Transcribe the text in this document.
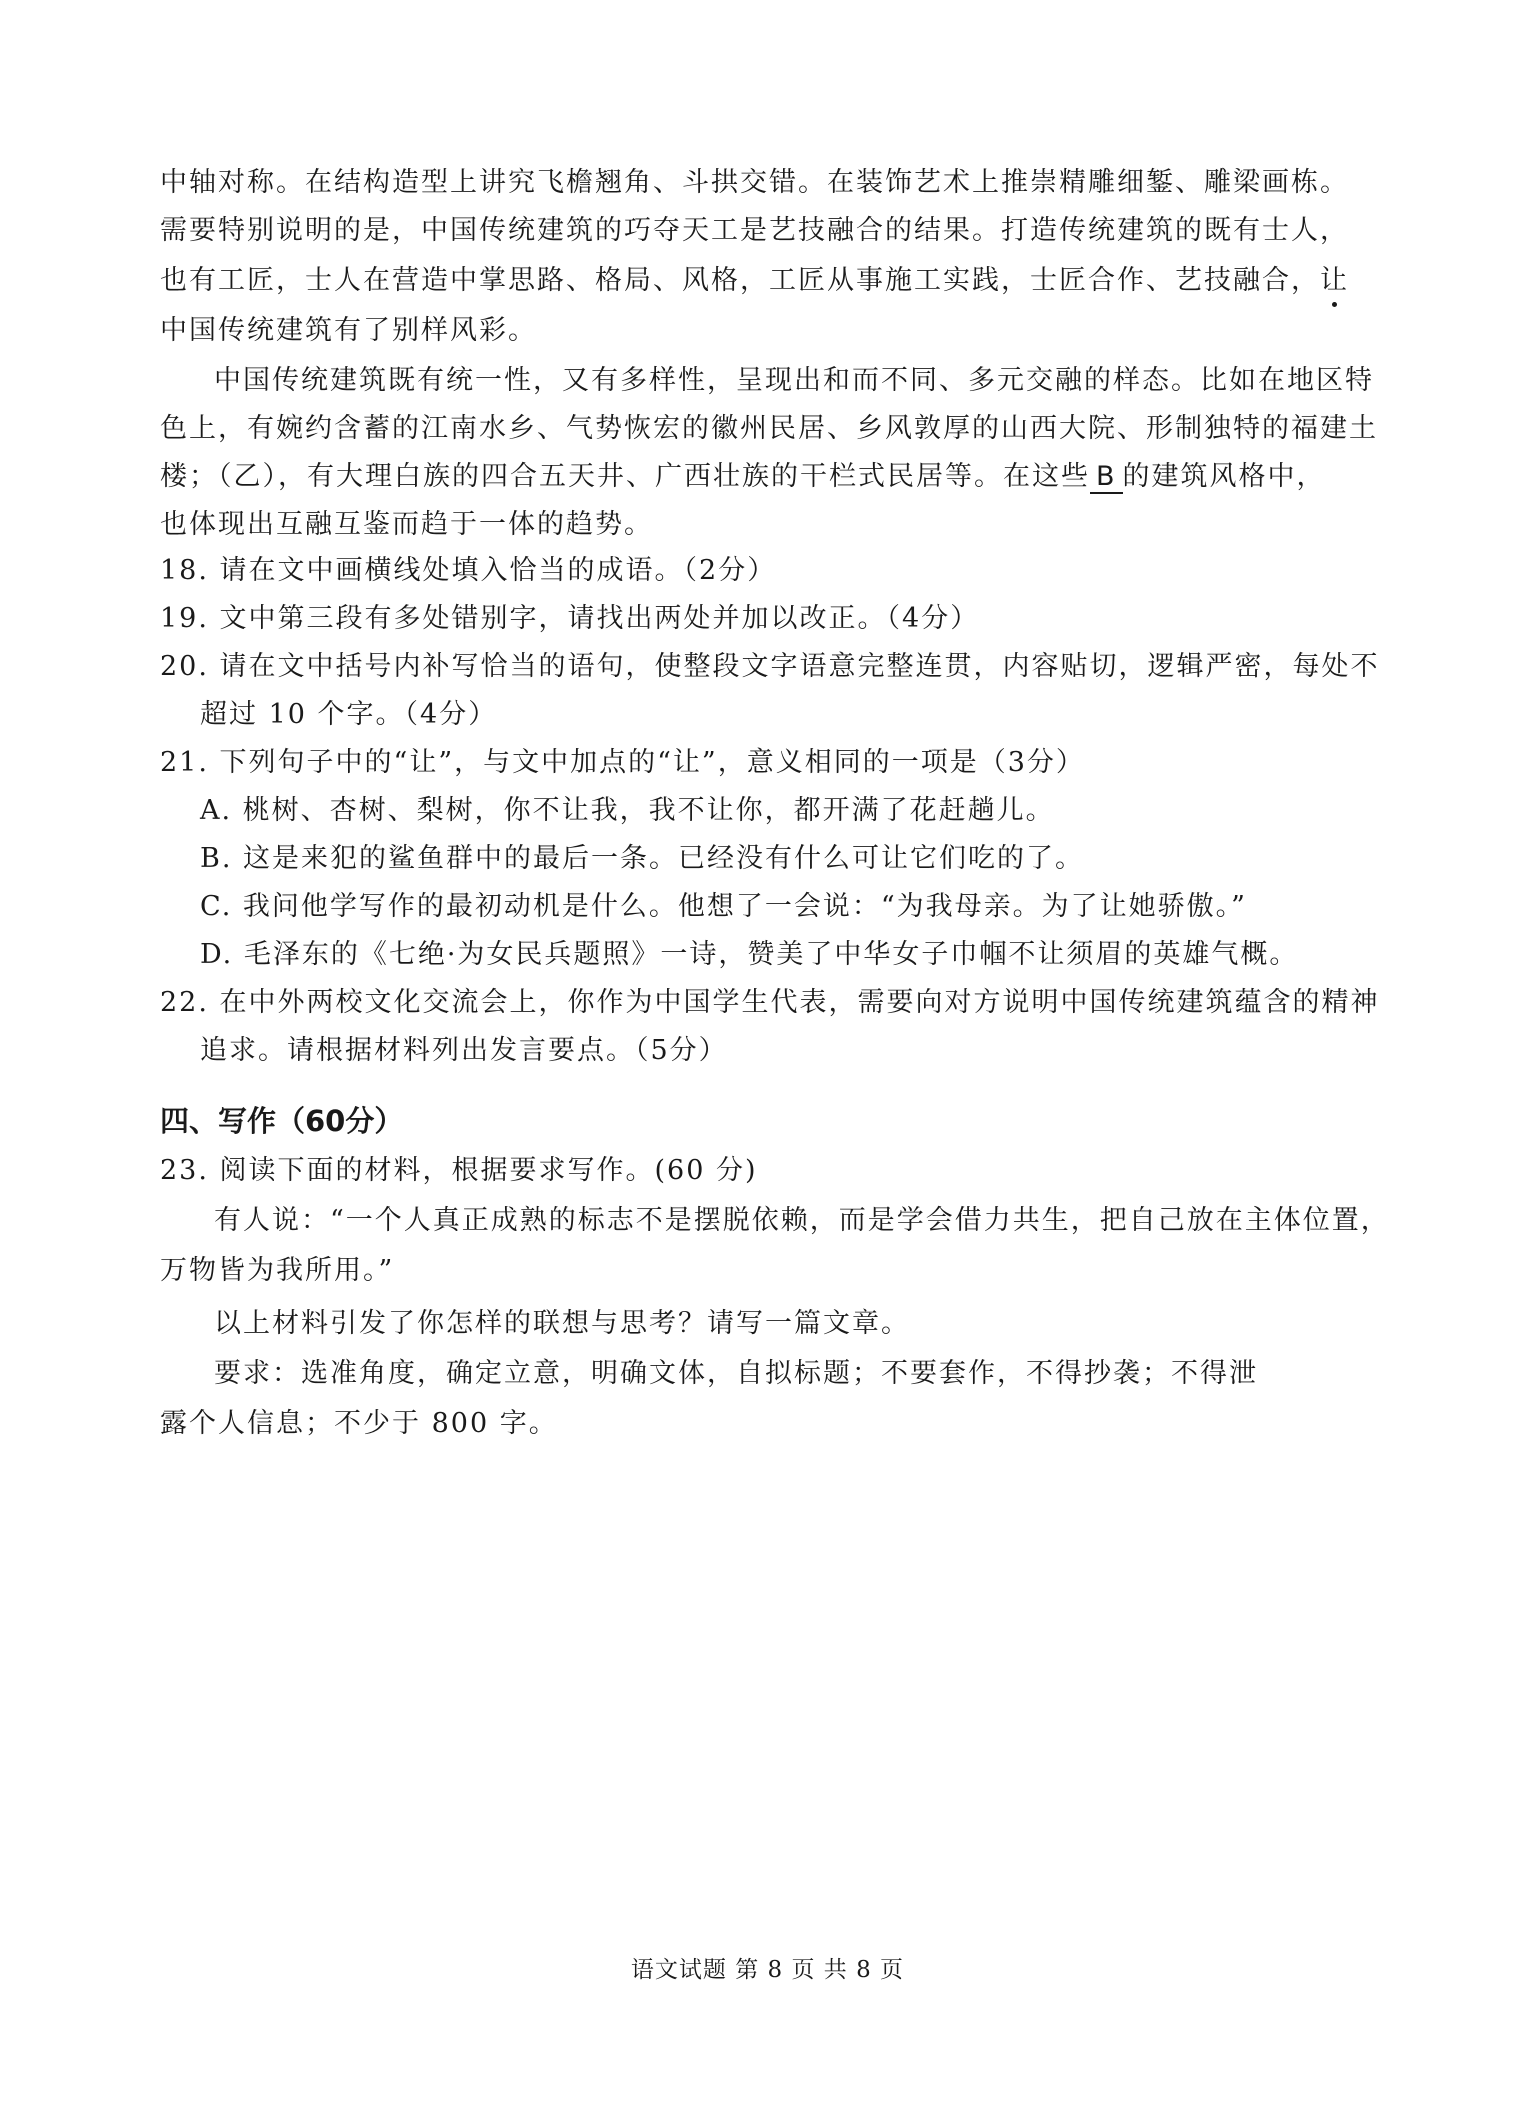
中轴对称。在结构造型上讲究飞檐翘角、斗拱交错。在装饰艺术上推崇精雕细錾、雕梁画栋。
需要特别说明的是，中国传统建筑的巧夺天工是艺技融合的结果。打造传统建筑的既有士人，
也有工匠，士人在营造中掌思路、格局、风格，工匠从事施工实践，士匠合作、艺技融合，让
中国传统建筑有了别样风彩。
中国传统建筑既有统一性，又有多样性，呈现出和而不同、多元交融的样态。比如在地区特
色上，有婉约含蓄的江南水乡、气势恢宏的徽州民居、乡风敦厚的山西大院、形制独特的福建土
楼；（乙），有大理白族的四合五天井、广西壮族的干栏式民居等。在这些 B 的建筑风格中，
也体现出互融互鉴而趋于一体的趋势。
18. 请在文中画横线处填入恰当的成语。（2分）
19. 文中第三段有多处错别字，请找出两处并加以改正。（4分）
20. 请在文中括号内补写恰当的语句，使整段文字语意完整连贯，内容贴切，逻辑严密，每处不
超过 10 个字。（4分）
21. 下列句子中的“让”，与文中加点的“让”，意义相同的一项是（3分）
A. 桃树、杏树、梨树，你不让我，我不让你，都开满了花赶趟儿。
B. 这是来犯的鲨鱼群中的最后一条。已经没有什么可让它们吃的了。
C. 我问他学写作的最初动机是什么。他想了一会说：“为我母亲。为了让她骄傲。”
D. 毛泽东的《七绝·为女民兵题照》一诗，赞美了中华女子巾帼不让须眉的英雄气概。
22. 在中外两校文化交流会上，你作为中国学生代表，需要向对方说明中国传统建筑蕴含的精神
追求。请根据材料列出发言要点。（5分）
四、写作（60分）
23. 阅读下面的材料，根据要求写作。(60 分)
有人说：“一个人真正成熟的标志不是摆脱依赖，而是学会借力共生，把自己放在主体位置，
万物皆为我所用。”
以上材料引发了你怎样的联想与思考？请写一篇文章。
要求：选准角度，确定立意，明确文体，自拟标题；不要套作，不得抄袭；不得泄
露个人信息；不少于 800 字。
语文试题 第 8 页 共 8 页
